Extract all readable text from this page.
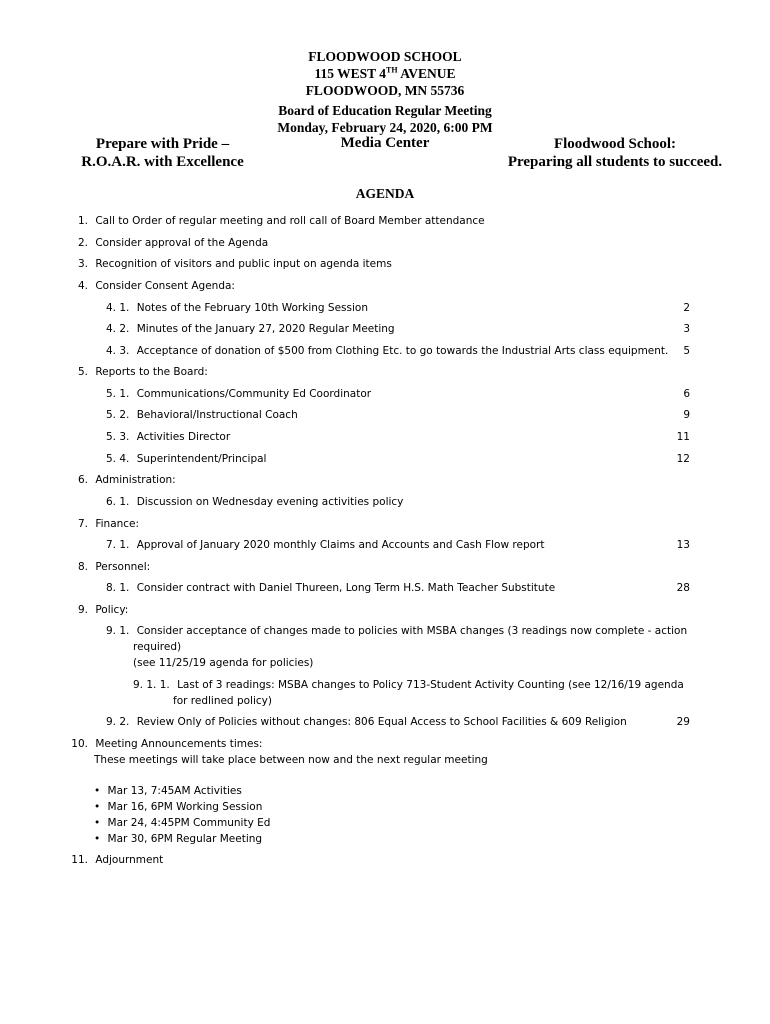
FLOODWOOD SCHOOL
115 WEST 4TH AVENUE
FLOODWOOD, MN 55736
Board of Education Regular Meeting
Monday, February 24, 2020, 6:00 PM
Media Center
Prepare with Pride –
R.O.A.R. with Excellence
Floodwood School:
Preparing all students to succeed.
AGENDA
1. Call to Order of regular meeting and roll call of Board Member attendance
2. Consider approval of the Agenda
3. Recognition of visitors and public input on agenda items
4. Consider Consent Agenda:
4. 1. Notes of the February 10th Working Session	2
4. 2. Minutes of the January 27, 2020 Regular Meeting	3
4. 3. Acceptance of donation of $500 from Clothing Etc. to go towards the Industrial Arts class equipment. 5
5. Reports to the Board:
5. 1. Communications/Community Ed Coordinator	6
5. 2. Behavioral/Instructional Coach	9
5. 3. Activities Director	11
5. 4. Superintendent/Principal	12
6. Administration:
6. 1. Discussion on Wednesday evening activities policy
7. Finance:
7. 1. Approval of January 2020 monthly Claims and Accounts and Cash Flow report	13
8. Personnel:
8. 1. Consider contract with Daniel Thureen, Long Term H.S. Math Teacher Substitute	28
9. Policy:
9. 1. Consider acceptance of changes made to policies with MSBA changes (3 readings now complete - action
required)
(see 11/25/19 agenda for policies)
9. 1. 1. Last of 3 readings: MSBA changes to Policy 713-Student Activity Counting (see 12/16/19 agenda
for redlined policy)
9. 2. Review Only of Policies without changes: 806 Equal Access to School Facilities & 609 Religion	29
10. Meeting Announcements times:
These meetings will take place between now and the next regular meeting
• Mar 13, 7:45AM Activities
• Mar 16, 6PM Working Session
• Mar 24, 4:45PM Community Ed
• Mar 30, 6PM Regular Meeting
11. Adjournment
